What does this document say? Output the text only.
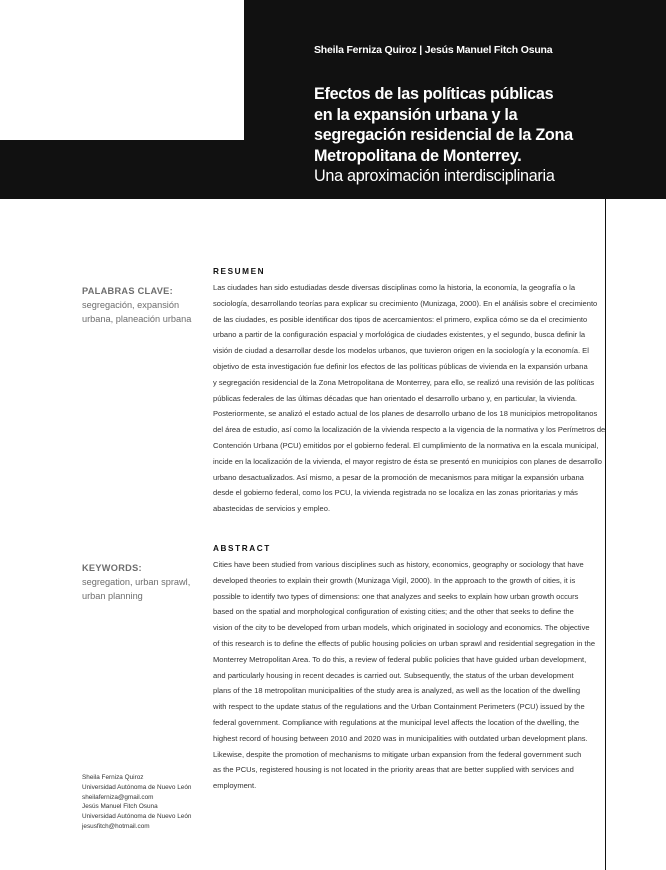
183
Sheila Ferniza Quiroz | Jesús Manuel Fitch Osuna
Efectos de las políticas públicas
en la expansión urbana y la
segregación residencial de la Zona
Metropolitana de Monterrey.
Una aproximación interdisciplinaria
PALABRAS CLAVE:
segregación, expansión
urbana, planeación urbana
KEYWORDS:
segregation, urban sprawl,
urban planning
RESUMEN
Las ciudades han sido estudiadas desde diversas disciplinas como la historia, la economía, la geografía o la
sociología, desarrollando teorías para explicar su crecimiento (Munizaga, 2000). En el análisis sobre el crecimiento
de las ciudades, es posible identificar dos tipos de acercamientos: el primero, explica cómo se da el crecimiento
urbano a partir de la configuración espacial y morfológica de ciudades existentes, y el segundo, busca definir la
visión de ciudad a desarrollar desde los modelos urbanos, que tuvieron origen en la sociología y la economía. El
objetivo de esta investigación fue definir los efectos de las políticas públicas de vivienda en la expansión urbana
y segregación residencial de la Zona Metropolitana de Monterrey, para ello, se realizó una revisión de las políticas
públicas federales de las últimas décadas que han orientado el desarrollo urbano y, en particular, la vivienda.
Posteriormente, se analizó el estado actual de los planes de desarrollo urbano de los 18 municipios metropolitanos
del área de estudio, así como la localización de la vivienda respecto a la vigencia de la normativa y los Perímetros de
Contención Urbana (PCU) emitidos por el gobierno federal. El cumplimiento de la normativa en la escala municipal,
incide en la localización de la vivienda, el mayor registro de ésta se presentó en municipios con planes de desarrollo
urbano desactualizados. Así mismo, a pesar de la promoción de mecanismos para mitigar la expansión urbana
desde el gobierno federal, como los PCU, la vivienda registrada no se localiza en las zonas prioritarias y más
abastecidas de servicios y empleo.
ABSTRACT
Cities have been studied from various disciplines such as history, economics, geography or sociology that have
developed theories to explain their growth (Munizaga Vigil, 2000). In the approach to the growth of cities, it is
possible to identify two types of dimensions: one that analyzes and seeks to explain how urban growth occurs
based on the spatial and morphological configuration of existing cities; and the other that seeks to define the
vision of the city to be developed from urban models, which originated in sociology and economics. The objective
of this research is to define the effects of public housing policies on urban sprawl and residential segregation in the
Monterrey Metropolitan Area. To do this, a review of federal public policies that have guided urban development,
and particularly housing in recent decades is carried out. Subsequently, the status of the urban development
plans of the 18 metropolitan municipalities of the study area is analyzed, as well as the location of the dwelling
with respect to the update status of the regulations and the Urban Containment Perimeters (PCU) issued by the
federal government. Compliance with regulations at the municipal level affects the location of the dwelling, the
highest record of housing between 2010 and 2020 was in municipalities with outdated urban development plans.
Likewise, despite the promotion of mechanisms to mitigate urban expansion from the federal government such
as the PCUs, registered housing is not located in the priority areas that are better supplied with services and
employment.
Sheila Ferniza Quiroz
Universidad Autónoma de Nuevo León
sheilaferniza@gmail.com
Jesús Manuel Fitch Osuna
Universidad Autónoma de Nuevo León
jesusfitch@hotmail.com
